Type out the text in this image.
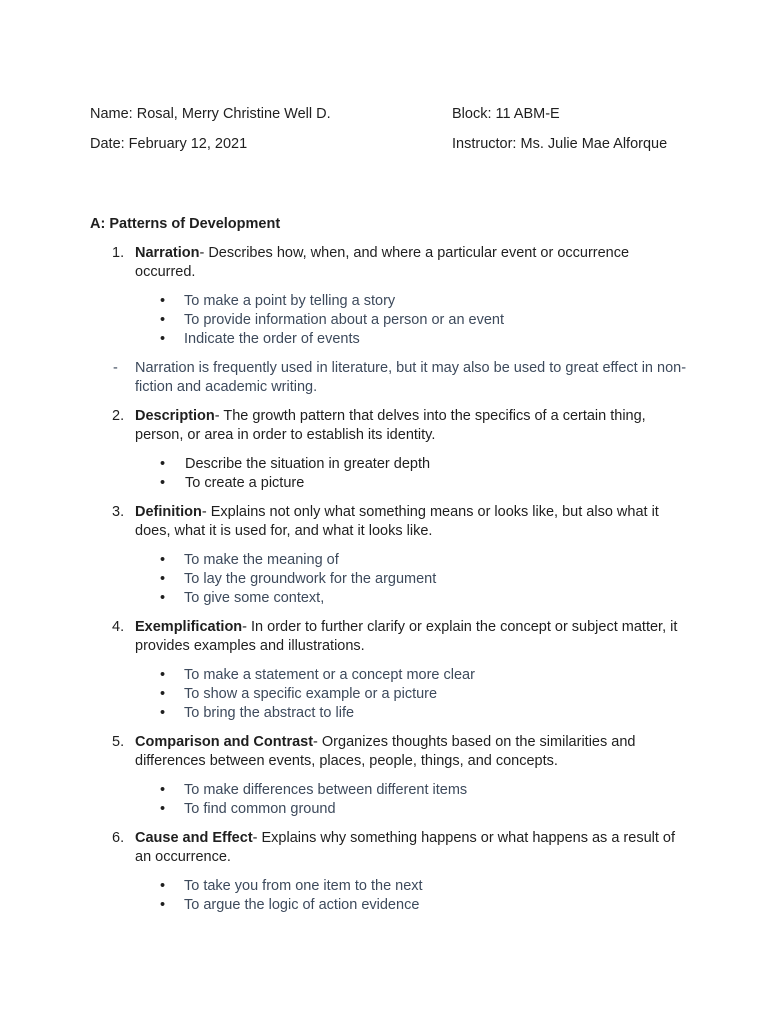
Name: Rosal, Merry Christine Well D.	Block: 11 ABM-E
Date: February 12, 2021	Instructor: Ms. Julie Mae Alforque
A: Patterns of Development
1. Narration- Describes how, when, and where a particular event or occurrence occurred.
• To make a point by telling a story
• To provide information about a person or an event
• Indicate the order of events
- Narration is frequently used in literature, but it may also be used to great effect in non-fiction and academic writing.
2. Description- The growth pattern that delves into the specifics of a certain thing, person, or area in order to establish its identity.
• Describe the situation in greater depth
• To create a picture
3. Definition- Explains not only what something means or looks like, but also what it does, what it is used for, and what it looks like.
• To make the meaning of
• To lay the groundwork for the argument
• To give some context,
4. Exemplification- In order to further clarify or explain the concept or subject matter, it provides examples and illustrations.
• To make a statement or a concept more clear
• To show a specific example or a picture
• To bring the abstract to life
5. Comparison and Contrast- Organizes thoughts based on the similarities and differences between events, places, people, things, and concepts.
• To make differences between different items
• To find common ground
6. Cause and Effect- Explains why something happens or what happens as a result of an occurrence.
• To take you from one item to the next
• To argue the logic of action evidence
